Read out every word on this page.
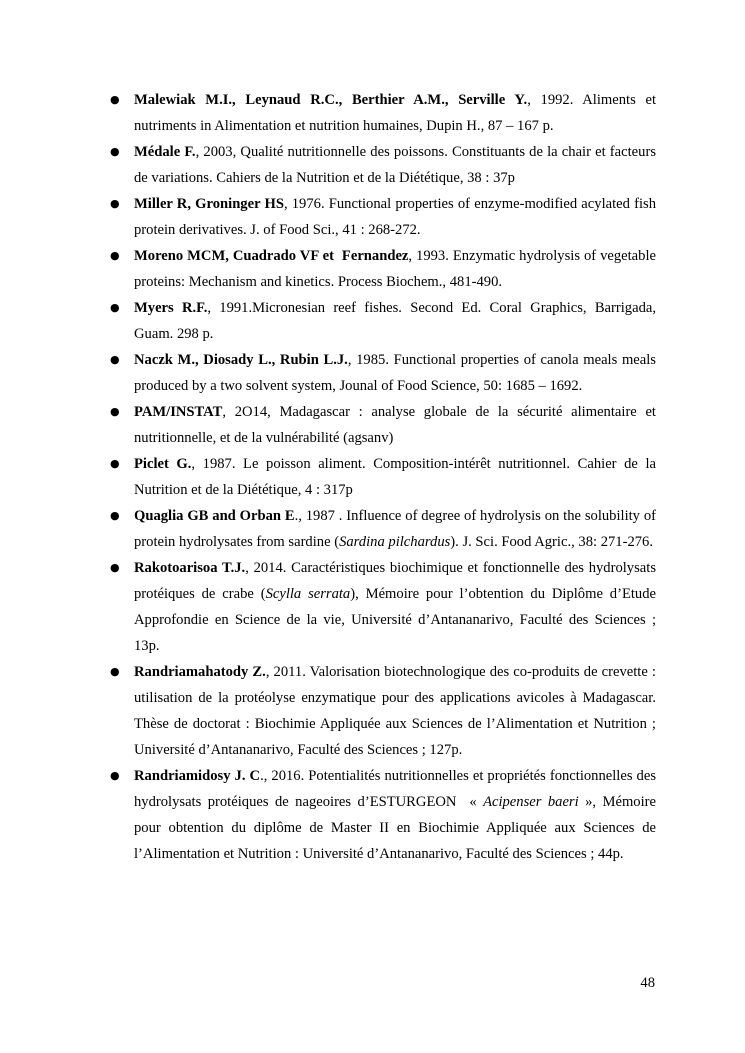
● Malewiak M.I., Leynaud R.C., Berthier A.M., Serville Y., 1992. Aliments et nutriments in Alimentation et nutrition humaines, Dupin H., 87 – 167 p.
● Médale F., 2003, Qualité nutritionnelle des poissons. Constituants de la chair et facteurs de variations. Cahiers de la Nutrition et de la Diététique, 38 : 37p
● Miller R, Groninger HS, 1976. Functional properties of enzyme-modified acylated fish protein derivatives. J. of Food Sci., 41 : 268-272.
● Moreno MCM, Cuadrado VF et  Fernandez, 1993. Enzymatic hydrolysis of vegetable proteins: Mechanism and kinetics. Process Biochem., 481-490.
● Myers R.F., 1991.Micronesian reef fishes. Second Ed. Coral Graphics, Barrigada, Guam. 298 p.
● Naczk M., Diosady L., Rubin L.J., 1985. Functional properties of canola meals meals produced by a two solvent system, Jounal of Food Science, 50: 1685 – 1692.
● PAM/INSTAT, 2O14, Madagascar : analyse globale de la sécurité alimentaire et nutritionnelle, et de la vulnérabilité (agsanv)
● Piclet G., 1987. Le poisson aliment. Composition-intérêt nutritionnel. Cahier de la Nutrition et de la Diététique, 4 : 317p
● Quaglia GB and Orban E., 1987 . Influence of degree of hydrolysis on the solubility of protein hydrolysates from sardine (Sardina pilchardus). J. Sci. Food Agric., 38: 271-276.
● Rakotoarisoa T.J., 2014. Caractéristiques biochimique et fonctionnelle des hydrolysats protéiques de crabe (Scylla serrata), Mémoire pour l’obtention du Diplôme d’Etude Approfondie en Science de la vie, Université d’Antananarivo, Faculté des Sciences ; 13p.
● Randriamahatody Z., 2011. Valorisation biotechnologique des co-produits de crevette : utilisation de la protéolyse enzymatique pour des applications avicoles à Madagascar. Thèse de doctorat : Biochimie Appliquée aux Sciences de l’Alimentation et Nutrition ; Université d’Antananarivo, Faculté des Sciences ; 127p.
● Randriamidosy J. C., 2016. Potentialités nutritionnelles et propriétés fonctionnelles des hydrolysats protéiques de nageoires d’ESTURGEON  « Acipenser baeri », Mémoire pour obtention du diplôme de Master II en Biochimie Appliquée aux Sciences de l’Alimentation et Nutrition : Université d’Antananarivo, Faculté des Sciences ; 44p.
48
